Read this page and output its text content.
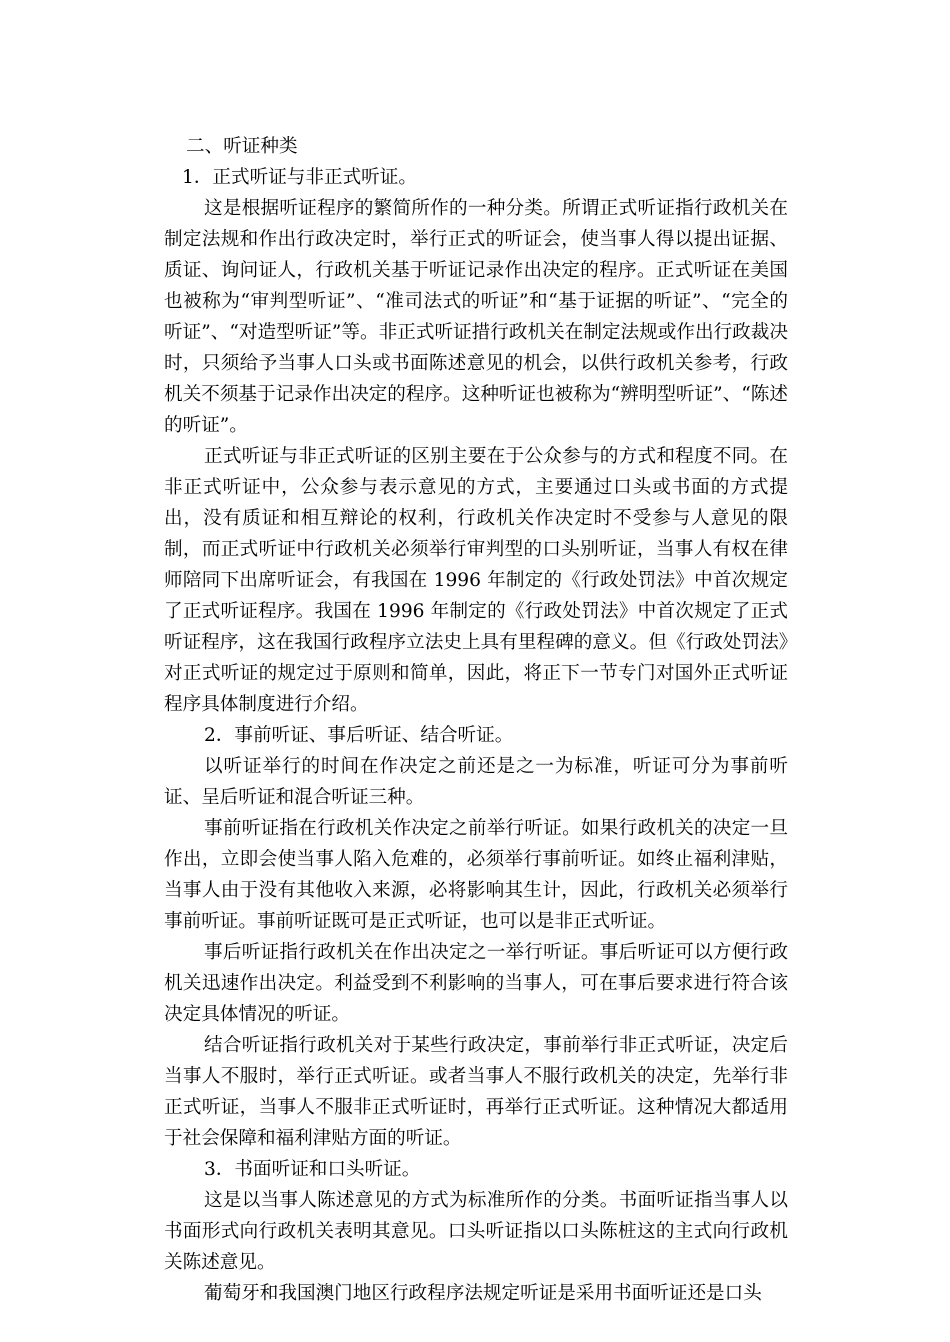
二、听证种类

1．正式听证与非正式听证。

这是根据听证程序的繁简所作的一种分类。所谓正式听证指行政机关在制定法规和作出行政决定时，举行正式的听证会，使当事人得以提出证据、质证、询问证人，行政机关基于听证记录作出决定的程序。正式听证在美国也被称为“审判型听证”、“准司法式的听证”和“基于证据的听证”、“完全的听证”、“对造型听证”等。非正式听证措行政机关在制定法规或作出行政裁决时，只须给予当事人口头或书面陈述意见的机会，以供行政机关参考，行政机关不须基于记录作出决定的程序。这种听证也被称为“辨明型听证”、“陈述的听证”。

正式听证与非正式听证的区别主要在于公众参与的方式和程度不同。在非正式听证中，公众参与表示意见的方式，主要通过口头或书面的方式提出，没有质证和相互辩论的权利，行政机关作决定时不受参与人意见的限制，而正式听证中行政机关必须举行审判型的口头别听证，当事人有权在律师陪同下出席听证会，有我国在 1996 年制定的《行政处罚法》中首次规定了正式听证程序。我国在 1996 年制定的《行政处罚法》中首次规定了正式听证程序，这在我国行政程序立法史上具有里程碑的意义。但《行政处罚法》对正式听证的规定过于原则和简单，因此，将正下一节专门对国外正式听证程序具体制度进行介绍。

2．事前听证、事后听证、结合听证。

以听证举行的时间在作决定之前还是之一为标准，听证可分为事前听证、呈后听证和混合听证三种。

事前听证指在行政机关作决定之前举行听证。如果行政机关的决定一旦作出，立即会使当事人陷入危难的，必须举行事前听证。如终止福利津贴，当事人由于没有其他收入来源，必将影响其生计，因此，行政机关必须举行事前听证。事前听证既可是正式听证，也可以是非正式听证。

事后听证指行政机关在作出决定之一举行听证。事后听证可以方便行政机关迅速作出决定。利益受到不利影响的当事人，可在事后要求进行符合该决定具体情况的听证。

结合听证指行政机关对于某些行政决定，事前举行非正式听证，决定后当事人不服时，举行正式听证。或者当事人不服行政机关的决定，先举行非正式听证，当事人不服非正式听证时，再举行正式听证。这种情况大都适用于社会保障和福利津贴方面的听证。

3．书面听证和口头听证。

这是以当事人陈述意见的方式为标准所作的分类。书面听证指当事人以书面形式向行政机关表明其意见。口头听证指以口头陈桩这的主式向行政机关陈述意见。

葡萄牙和我国澳门地区行政程序法规定听证是采用书面听证还是口头
